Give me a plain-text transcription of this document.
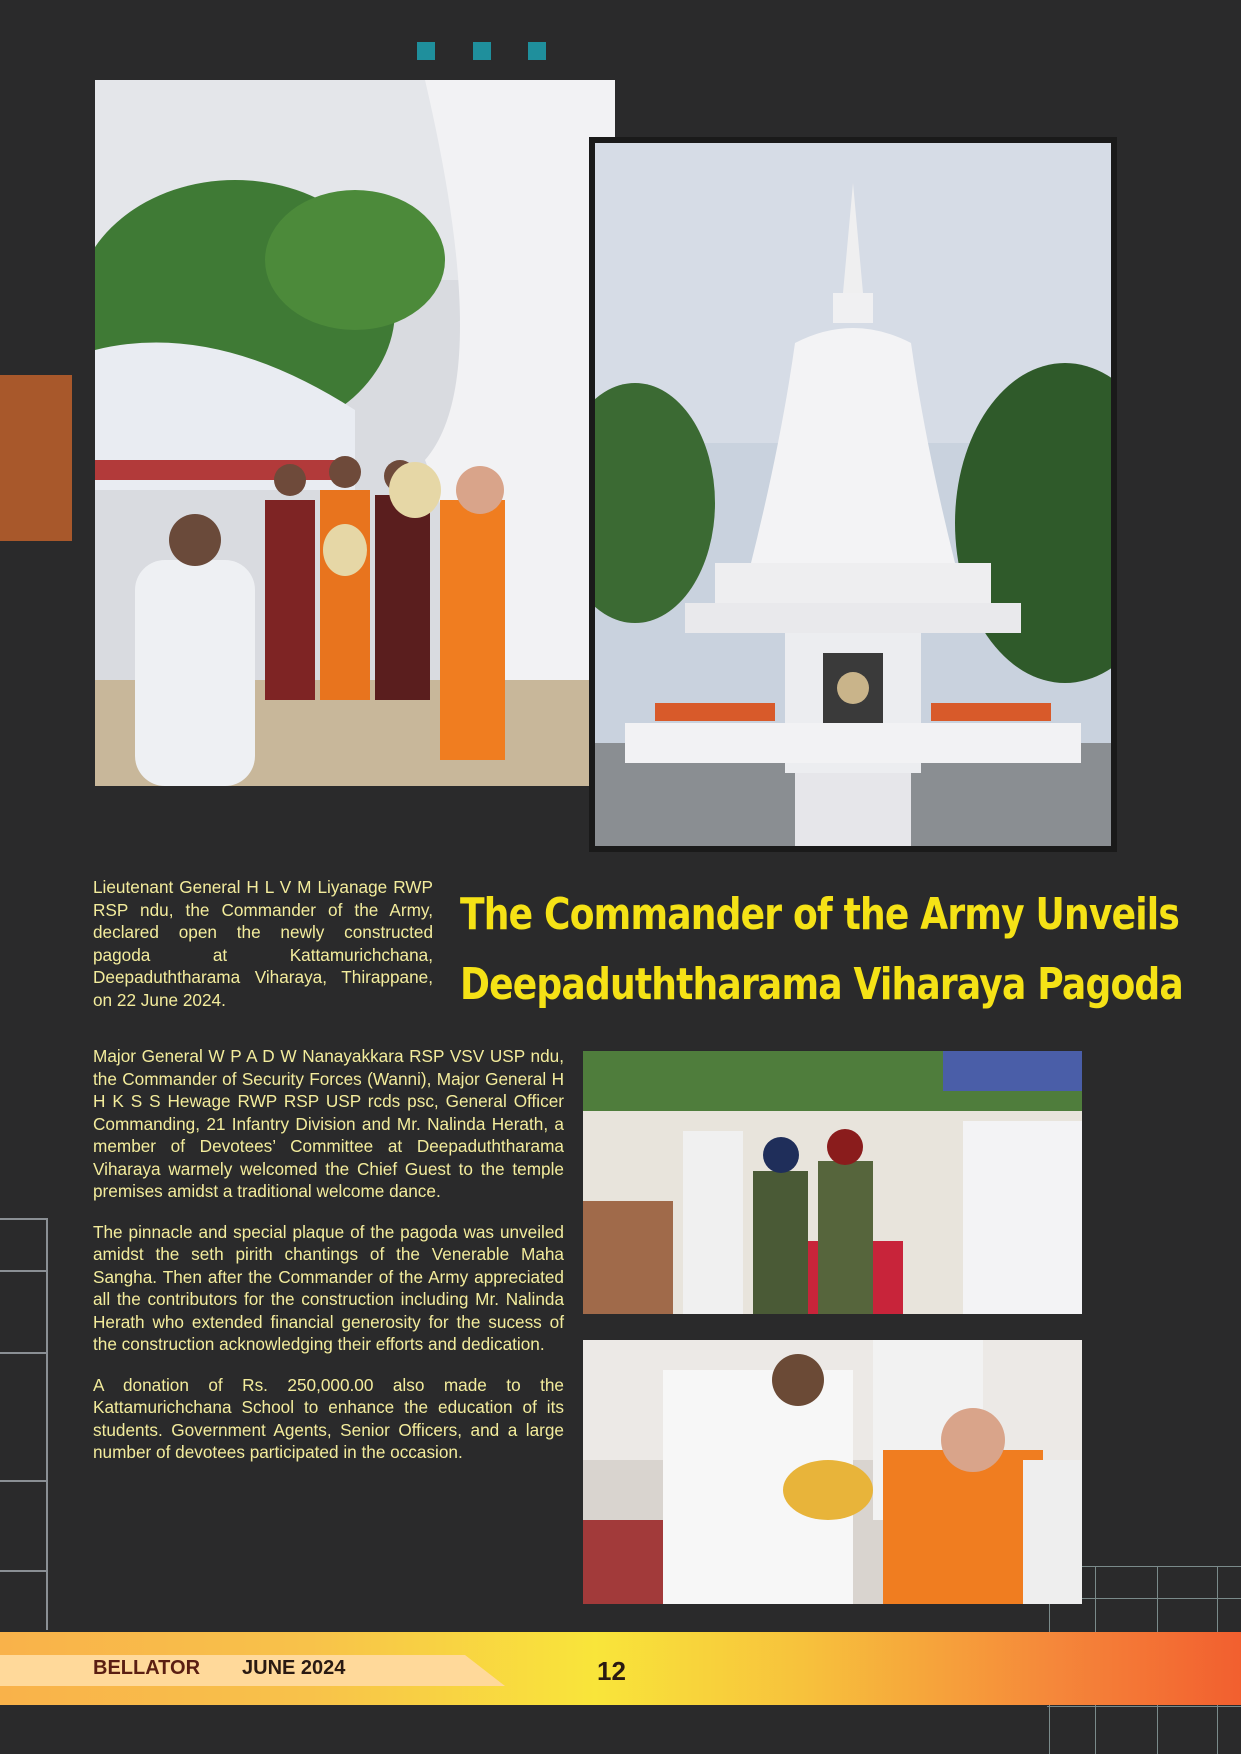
Lieutenant General H L V M Liyanage RWP RSP ndu, the Commander of the Army, declared open the newly constructed pagoda at Kattamurichchana, Deepaduththarama Viharaya, Thirappane, on 22 June 2024.
The Commander of the Army Unveils
Deepaduththarama Viharaya Pagoda

Major General W P A D W Nanayakkara RSP VSV USP ndu, the Commander of Security Forces (Wanni), Major General H H K S S Hewage RWP RSP USP rcds psc, General Officer Commanding, 21 Infantry Division and Mr. Nalinda Herath, a member of Devotees’ Committee at Deepaduththarama Viharaya warmely welcomed the Chief Guest to the temple premises amidst a traditional welcome dance.

The pinnacle and special plaque of the pagoda was unveiled amidst the seth pirith chantings of the Venerable Maha Sangha. Then after the Commander of the Army appreciated all the contributors for the construction including Mr. Nalinda Herath who extended financial generosity for the sucess of the construction acknowledging their efforts and dedication.

A donation of Rs. 250,000.00 also made to the Kattamurichchana School to enhance the education of its students. Government Agents, Senior Officers, and a large number of devotees participated in the occasion.

BELLATOR JUNE 2024	12
